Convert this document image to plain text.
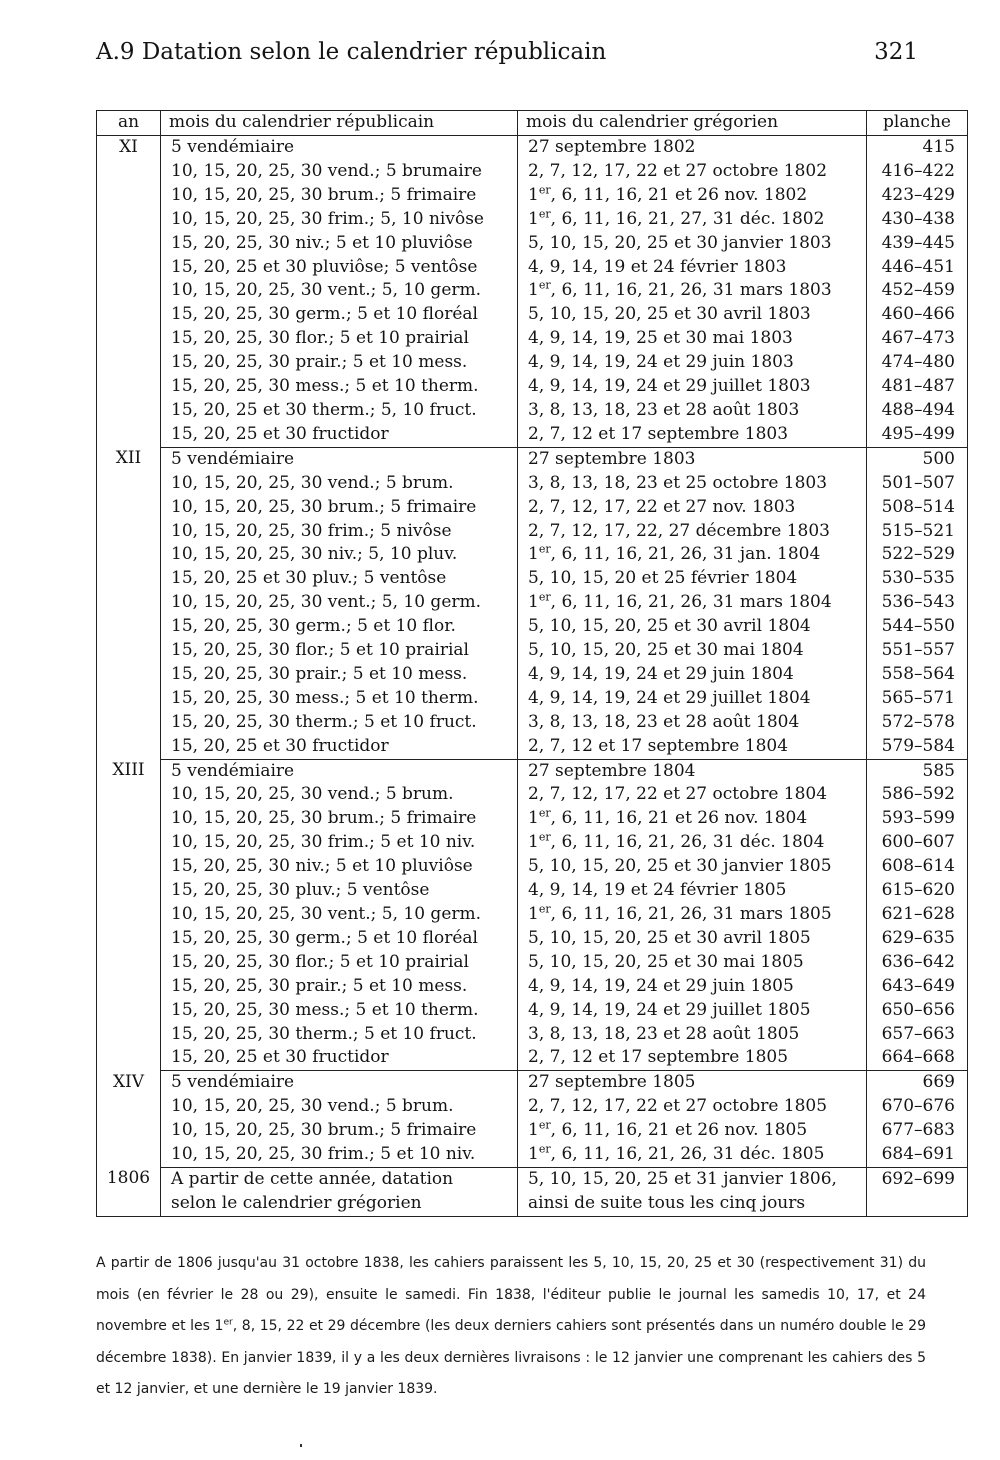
A.9 Datation selon le calendrier républicain	321
an	mois du calendrier républicain	mois du calendrier grégorien	planche
XI	5 vendémiaire	27 septembre 1802	415
	10, 15, 20, 25, 30 vend.; 5 brumaire	2, 7, 12, 17, 22 et 27 octobre 1802	416–422
	10, 15, 20, 25, 30 brum.; 5 frimaire	1er, 6, 11, 16, 21 et 26 nov. 1802	423–429
	10, 15, 20, 25, 30 frim.; 5, 10 nivôse	1er, 6, 11, 16, 21, 27, 31 déc. 1802	430–438
	15, 20, 25, 30 niv.; 5 et 10 pluviôse	5, 10, 15, 20, 25 et 30 janvier 1803	439–445
	15, 20, 25 et 30 pluviôse; 5 ventôse	4, 9, 14, 19 et 24 février 1803	446–451
	10, 15, 20, 25, 30 vent.; 5, 10 germ.	1er, 6, 11, 16, 21, 26, 31 mars 1803	452–459
	15, 20, 25, 30 germ.; 5 et 10 floréal	5, 10, 15, 20, 25 et 30 avril 1803	460–466
	15, 20, 25, 30 flor.; 5 et 10 prairial	4, 9, 14, 19, 25 et 30 mai 1803	467–473
	15, 20, 25, 30 prair.; 5 et 10 mess.	4, 9, 14, 19, 24 et 29 juin 1803	474–480
	15, 20, 25, 30 mess.; 5 et 10 therm.	4, 9, 14, 19, 24 et 29 juillet 1803	481–487
	15, 20, 25 et 30 therm.; 5, 10 fruct.	3, 8, 13, 18, 23 et 28 août 1803	488–494
	15, 20, 25 et 30 fructidor	2, 7, 12 et 17 septembre 1803	495–499
XII	5 vendémiaire	27 septembre 1803	500
	10, 15, 20, 25, 30 vend.; 5 brum.	3, 8, 13, 18, 23 et 25 octobre 1803	501–507
	10, 15, 20, 25, 30 brum.; 5 frimaire	2, 7, 12, 17, 22 et 27 nov. 1803	508–514
	10, 15, 20, 25, 30 frim.; 5 nivôse	2, 7, 12, 17, 22, 27 décembre 1803	515–521
	10, 15, 20, 25, 30 niv.; 5, 10 pluv.	1er, 6, 11, 16, 21, 26, 31 jan. 1804	522–529
	15, 20, 25 et 30 pluv.; 5 ventôse	5, 10, 15, 20 et 25 février 1804	530–535
	10, 15, 20, 25, 30 vent.; 5, 10 germ.	1er, 6, 11, 16, 21, 26, 31 mars 1804	536–543
	15, 20, 25, 30 germ.; 5 et 10 flor.	5, 10, 15, 20, 25 et 30 avril 1804	544–550
	15, 20, 25, 30 flor.; 5 et 10 prairial	5, 10, 15, 20, 25 et 30 mai 1804	551–557
	15, 20, 25, 30 prair.; 5 et 10 mess.	4, 9, 14, 19, 24 et 29 juin 1804	558–564
	15, 20, 25, 30 mess.; 5 et 10 therm.	4, 9, 14, 19, 24 et 29 juillet 1804	565–571
	15, 20, 25, 30 therm.; 5 et 10 fruct.	3, 8, 13, 18, 23 et 28 août 1804	572–578
	15, 20, 25 et 30 fructidor	2, 7, 12 et 17 septembre 1804	579–584
XIII	5 vendémiaire	27 septembre 1804	585
	10, 15, 20, 25, 30 vend.; 5 brum.	2, 7, 12, 17, 22 et 27 octobre 1804	586–592
	10, 15, 20, 25, 30 brum.; 5 frimaire	1er, 6, 11, 16, 21 et 26 nov. 1804	593–599
	10, 15, 20, 25, 30 frim.; 5 et 10 niv.	1er, 6, 11, 16, 21, 26, 31 déc. 1804	600–607
	15, 20, 25, 30 niv.; 5 et 10 pluviôse	5, 10, 15, 20, 25 et 30 janvier 1805	608–614
	15, 20, 25, 30 pluv.; 5 ventôse	4, 9, 14, 19 et 24 février 1805	615–620
	10, 15, 20, 25, 30 vent.; 5, 10 germ.	1er, 6, 11, 16, 21, 26, 31 mars 1805	621–628
	15, 20, 25, 30 germ.; 5 et 10 floréal	5, 10, 15, 20, 25 et 30 avril 1805	629–635
	15, 20, 25, 30 flor.; 5 et 10 prairial	5, 10, 15, 20, 25 et 30 mai 1805	636–642
	15, 20, 25, 30 prair.; 5 et 10 mess.	4, 9, 14, 19, 24 et 29 juin 1805	643–649
	15, 20, 25, 30 mess.; 5 et 10 therm.	4, 9, 14, 19, 24 et 29 juillet 1805	650–656
	15, 20, 25, 30 therm.; 5 et 10 fruct.	3, 8, 13, 18, 23 et 28 août 1805	657–663
	15, 20, 25 et 30 fructidor	2, 7, 12 et 17 septembre 1805	664–668
XIV	5 vendémiaire	27 septembre 1805	669
	10, 15, 20, 25, 30 vend.; 5 brum.	2, 7, 12, 17, 22 et 27 octobre 1805	670–676
	10, 15, 20, 25, 30 brum.; 5 frimaire	1er, 6, 11, 16, 21 et 26 nov. 1805	677–683
	10, 15, 20, 25, 30 frim.; 5 et 10 niv.	1er, 6, 11, 16, 21, 26, 31 déc. 1805	684–691
1806	A partir de cette année, datation	5, 10, 15, 20, 25 et 31 janvier 1806,	692–699
	selon le calendrier grégorien	ainsi de suite tous les cinq jours	

A partir de 1806 jusqu'au 31 octobre 1838, les cahiers paraissent les 5, 10, 15, 20, 25 et 30 (respectivement 31) du mois (en février le 28 ou 29), ensuite le samedi. Fin 1838, l'éditeur publie le journal les samedis 10, 17, et 24 novembre et les 1er, 8, 15, 22 et 29 décembre (les deux derniers cahiers sont présentés dans un numéro double le 29 décembre 1838). En janvier 1839, il y a les deux dernières livraisons : le 12 janvier une comprenant les cahiers des 5 et 12 janvier, et une dernière le 19 janvier 1839.
